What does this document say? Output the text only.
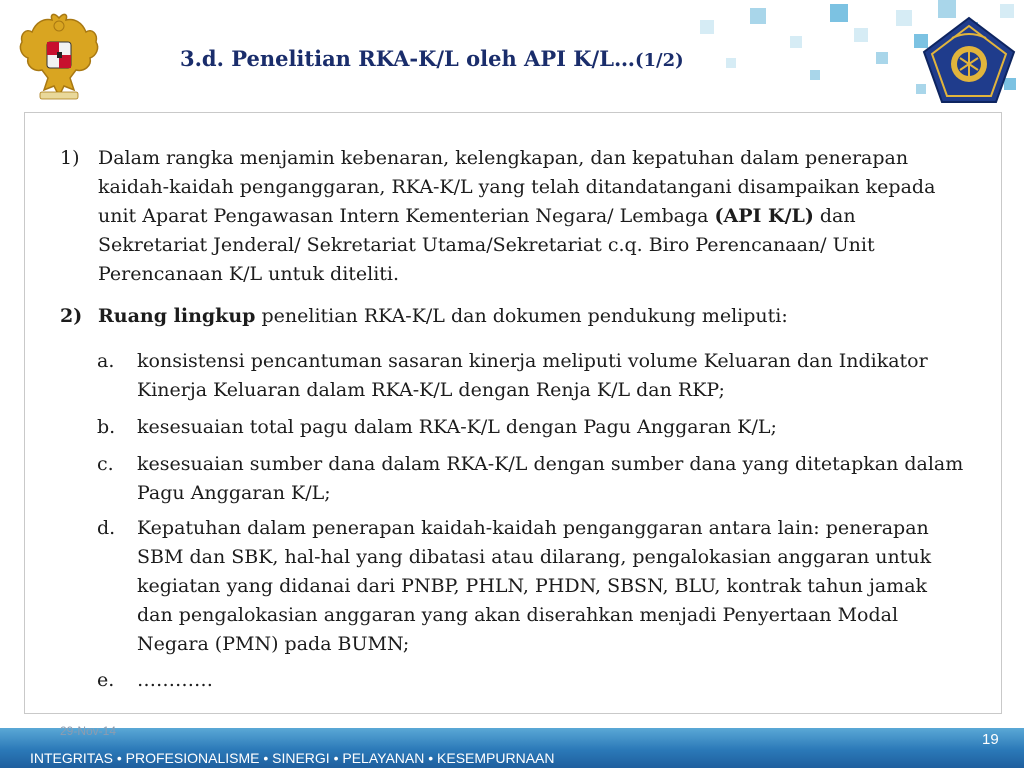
3.d. Penelitian RKA-K/L oleh API K/L…(1/2)
1) Dalam rangka menjamin kebenaran, kelengkapan, dan kepatuhan dalam penerapan kaidah-kaidah penganggaran, RKA-K/L yang telah ditandatangani disampaikan kepada unit Aparat Pengawasan Intern Kementerian Negara/ Lembaga (API K/L) dan Sekretariat Jenderal/ Sekretariat Utama/Sekretariat c.q. Biro Perencanaan/ Unit Perencanaan K/L untuk diteliti.
2) Ruang lingkup penelitian RKA-K/L dan dokumen pendukung meliputi:
a.	konsistensi pencantuman sasaran kinerja meliputi volume Keluaran dan Indikator Kinerja Keluaran dalam RKA-K/L dengan Renja K/L dan RKP;
b.	kesesuaian total pagu dalam RKA-K/L dengan Pagu Anggaran K/L;
c.	kesesuaian sumber dana dalam RKA-K/L dengan sumber dana yang ditetapkan dalam Pagu Anggaran K/L;
d.	Kepatuhan dalam penerapan kaidah-kaidah penganggaran antara lain: penerapan SBM dan SBK, hal-hal yang dibatasi atau dilarang, pengalokasian anggaran untuk kegiatan yang didanai dari PNBP, PHLN, PHDN, SBSN, BLU, kontrak tahun jamak dan pengalokasian anggaran yang akan diserahkan menjadi Penyertaan Modal Negara (PMN) pada BUMN;
e.	…………
29-Nov-14
INTEGRITAS • PROFESIONALISME • SINERGI • PELAYANAN • KESEMPURNAAN
19
